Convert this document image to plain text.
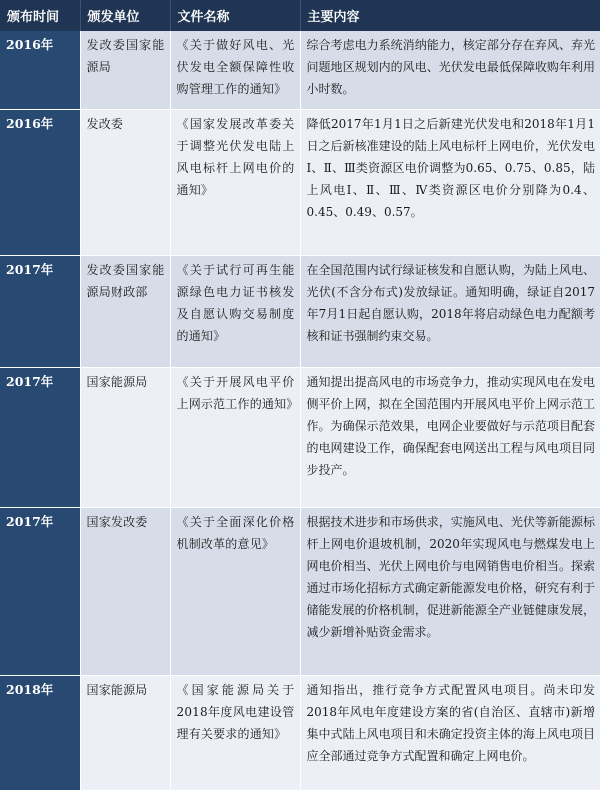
颁布时间	颁发单位	文件名称	主要内容
2016年	发改委国家能源局	《关于做好风电、光伏发电全额保障性收购管理工作的通知》	综合考虑电力系统消纳能力，核定部分存在弃风、弃光问题地区规划内的风电、光伏发电最低保障收购年利用小时数。
2016年	发改委	《国家发展改革委关于调整光伏发电陆上风电标杆上网电价的通知》	降低2017年1月1日之后新建光伏发电和2018年1月1日之后新核准建设的陆上风电标杆上网电价，光伏发电Ⅰ、Ⅱ、Ⅲ类资源区电价调整为0.65、0.75、0.85，陆上风电Ⅰ、Ⅱ、Ⅲ、Ⅳ类资源区电价分别降为0.4、0.45、0.49、0.57。
2017年	发改委国家能源局财政部	《关于试行可再生能源绿色电力证书核发及自愿认购交易制度的通知》	在全国范围内试行绿证核发和自愿认购，为陆上风电、光伏(不含分布式)发放绿证。通知明确，绿证自2017年7月1日起自愿认购，2018年将启动绿色电力配额考核和证书强制约束交易。
2017年	国家能源局	《关于开展风电平价上网示范工作的通知》	通知提出提高风电的市场竞争力，推动实现风电在发电侧平价上网，拟在全国范围内开展风电平价上网示范工作。为确保示范效果，电网企业要做好与示范项目配套的电网建设工作，确保配套电网送出工程与风电项目同步投产。
2017年	国家发改委	《关于全面深化价格机制改革的意见》	根据技术进步和市场供求，实施风电、光伏等新能源标杆上网电价退坡机制，2020年实现风电与燃煤发电上网电价相当、光伏上网电价与电网销售电价相当。探索通过市场化招标方式确定新能源发电价格，研究有利于储能发展的价格机制，促进新能源全产业链健康发展，减少新增补贴资金需求。
2018年	国家能源局	《国家能源局关于2018年度风电建设管理有关要求的通知》	通知指出，推行竞争方式配置风电项目。尚未印发2018年风电年度建设方案的省(自治区、直辖市)新增集中式陆上风电项目和未确定投资主体的海上风电项目应全部通过竞争方式配置和确定上网电价。
